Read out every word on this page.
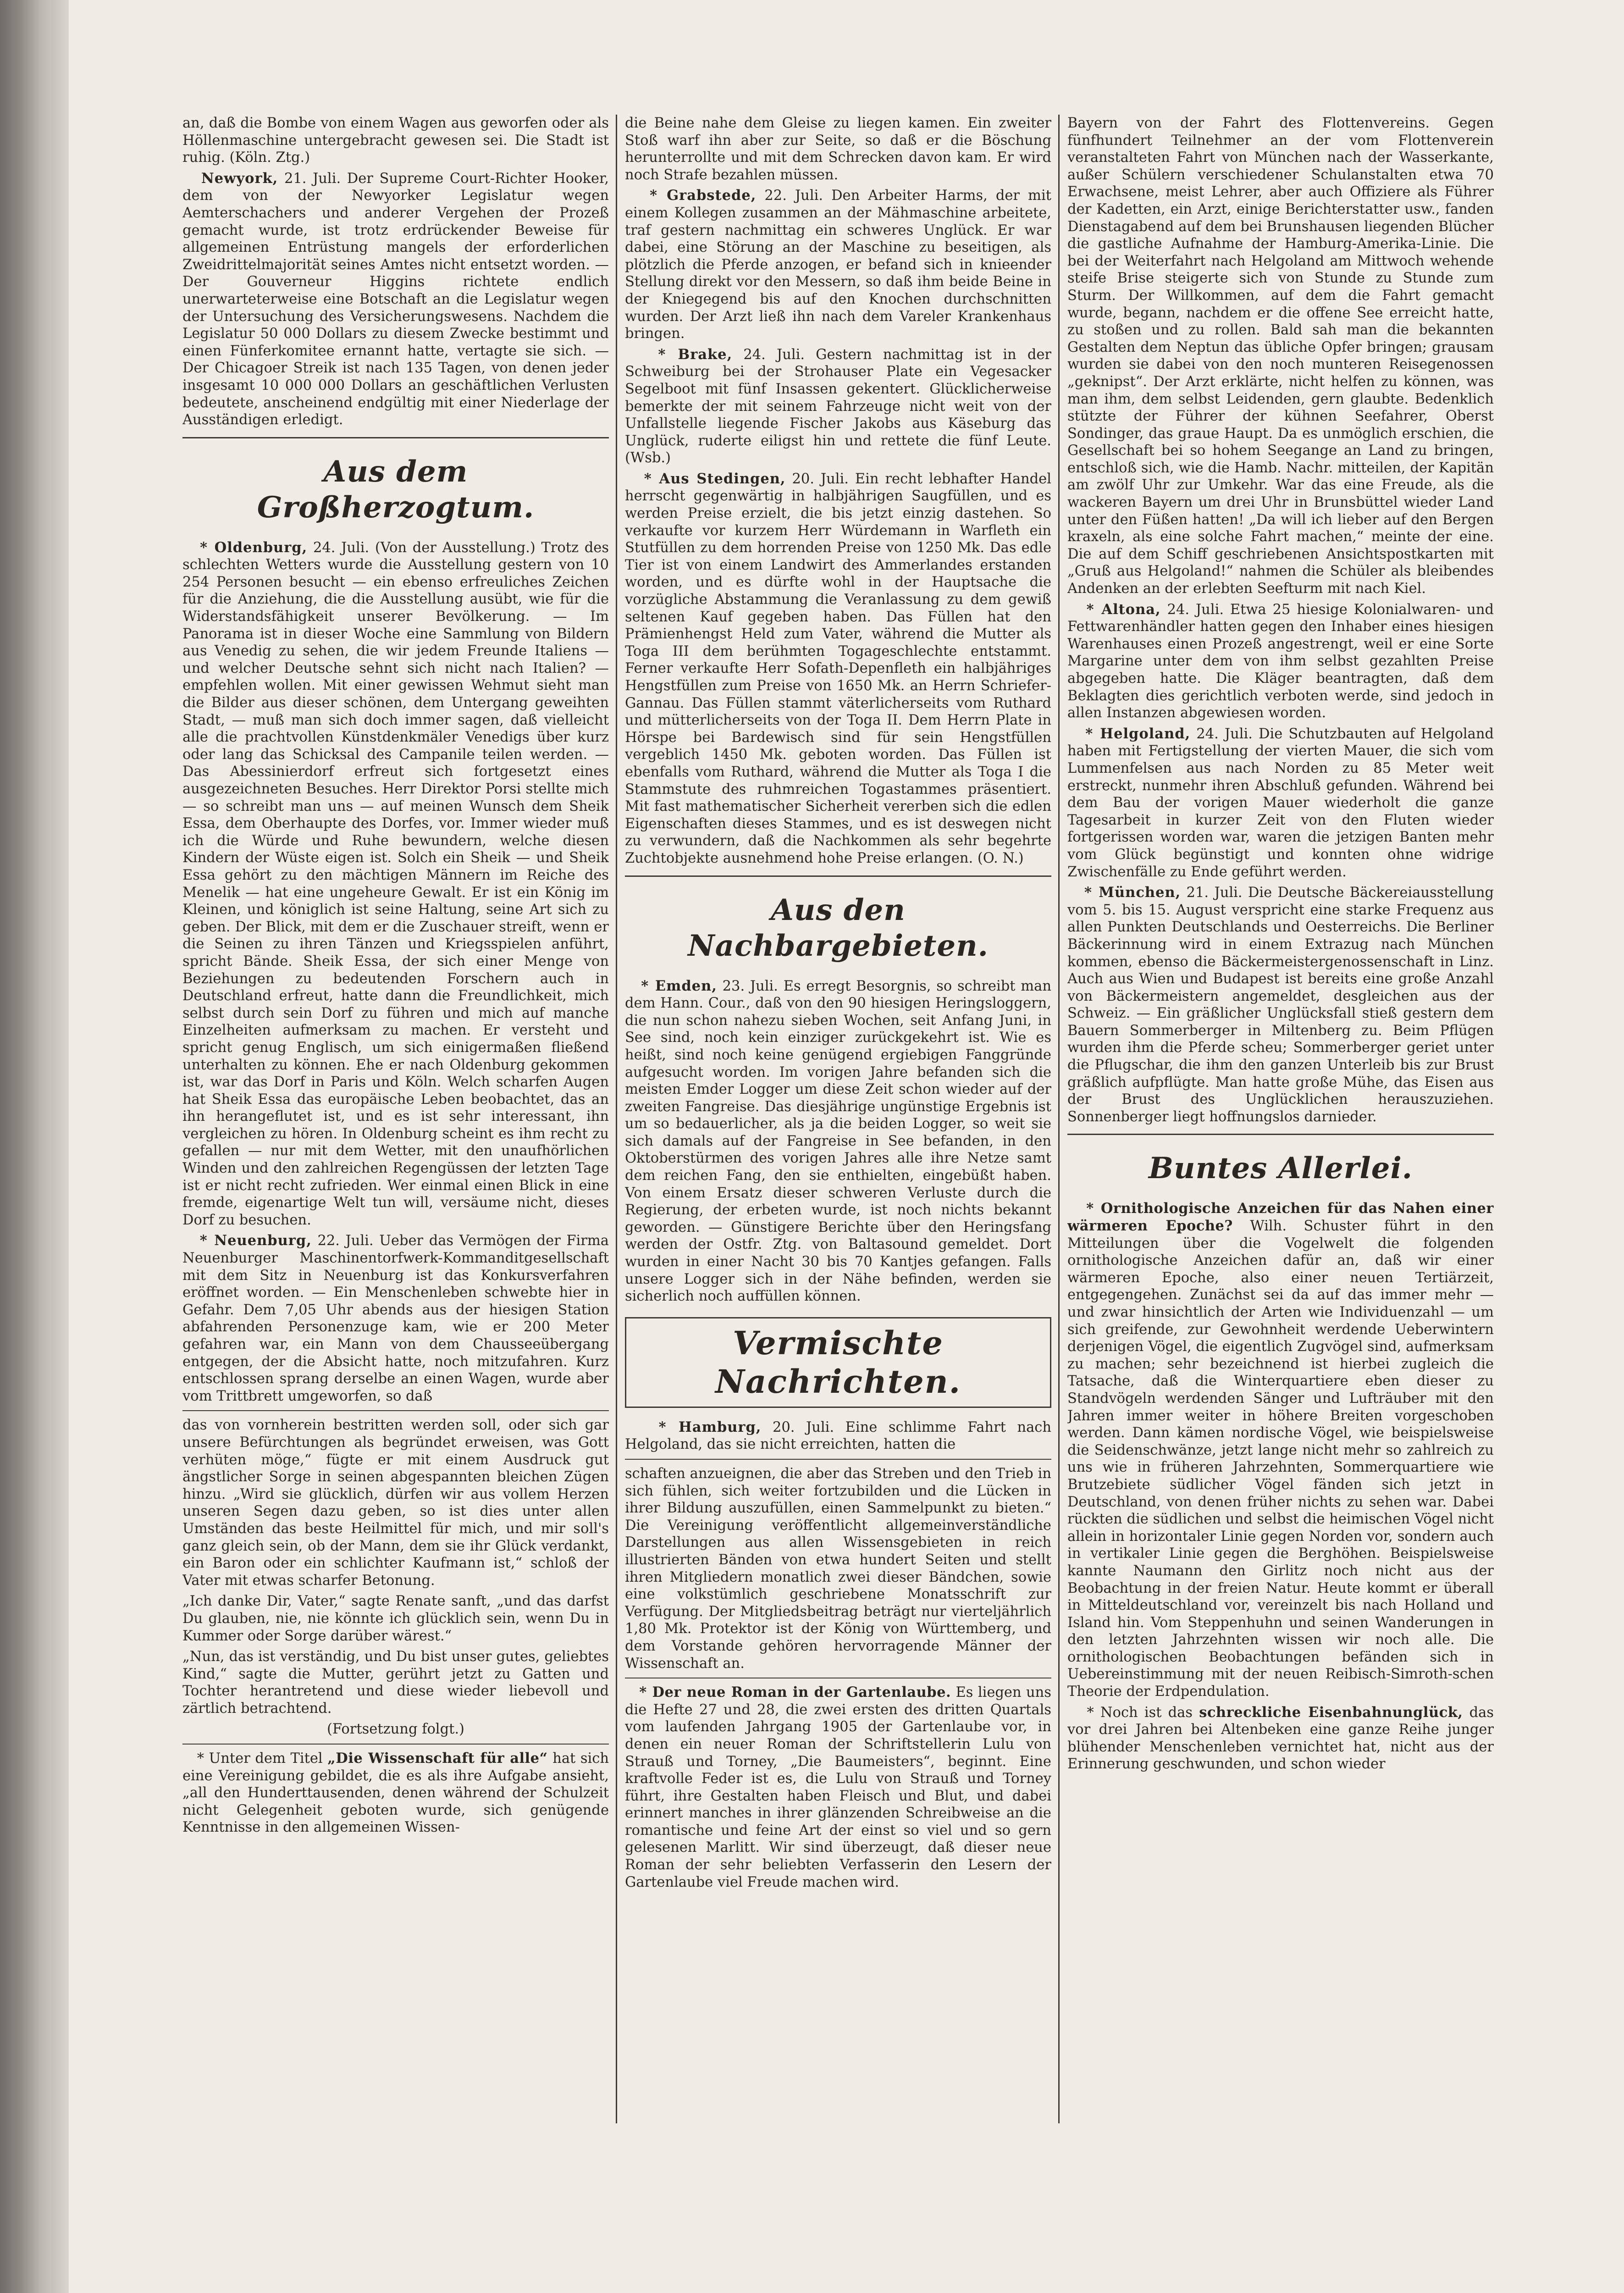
an, daß die Bombe von einem Wagen aus geworfen oder als Höllenmaschine untergebracht gewesen sei. Die Stadt ist ruhig. (Köln. Ztg.)

Newyork, 21. Juli. Der Supreme Court-Richter Hooker, dem von der Newyorker Legislatur wegen Aemterschachers und anderer Vergehen der Prozeß gemacht wurde, ist trotz erdrückender Beweise für allgemeinen Entrüstung mangels der erforderlichen Zweidrittelmajorität seines Amtes nicht entsetzt worden. — Der Gouverneur Higgins richtete endlich unerwarteterweise eine Botschaft an die Legislatur wegen der Untersuchung des Versicherungswesens. Nachdem die Legislatur 50 000 Dollars zu diesem Zwecke bestimmt und einen Fünferkomitee ernannt hatte, vertagte sie sich. — Der Chicagoer Streik ist nach 135 Tagen, von denen jeder insgesamt 10 000 000 Dollars an geschäftlichen Verlusten bedeutete, anscheinend endgültig mit einer Niederlage der Ausständigen erledigt.

Aus dem Großherzogtum.

* Oldenburg, 24. Juli. (Von der Ausstellung.) Trotz des schlechten Wetters wurde die Ausstellung gestern von 10 254 Personen besucht — ein ebenso erfreuliches Zeichen für die Anziehung, die die Ausstellung ausübt, wie für die Widerstandsfähigkeit unserer Bevölkerung. — Im Panorama ist in dieser Woche eine Sammlung von Bildern aus Venedig zu sehen, die wir jedem Freunde Italiens — und welcher Deutsche sehnt sich nicht nach Italien? — empfehlen wollen. Mit einer gewissen Wehmut sieht man die Bilder aus dieser schönen, dem Untergang geweihten Stadt, — muß man sich doch immer sagen, daß vielleicht alle die prachtvollen Künstdenkmäler Venedigs über kurz oder lang das Schicksal des Campanile teilen werden. — Das Abessinierdorf erfreut sich fortgesetzt eines ausgezeichneten Besuches. Herr Direktor Porsi stellte mich — so schreibt man uns — auf meinen Wunsch dem Sheik Essa, dem Oberhaupte des Dorfes, vor. Immer wieder muß ich die Würde und Ruhe bewundern, welche diesen Kindern der Wüste eigen ist. Solch ein Sheik — und Sheik Essa gehört zu den mächtigen Männern im Reiche des Menelik — hat eine ungeheure Gewalt. Er ist ein König im Kleinen, und königlich ist seine Haltung, seine Art sich zu geben. Der Blick, mit dem er die Zuschauer streift, wenn er die Seinen zu ihren Tänzen und Kriegsspielen anführt, spricht Bände. Sheik Essa, der sich einer Menge von Beziehungen zu bedeutenden Forschern auch in Deutschland erfreut, hatte dann die Freundlichkeit, mich selbst durch sein Dorf zu führen und mich auf manche Einzelheiten aufmerksam zu machen. Er versteht und spricht genug Englisch, um sich einigermaßen fließend unterhalten zu können. Ehe er nach Oldenburg gekommen ist, war das Dorf in Paris und Köln. Welch scharfen Augen hat Sheik Essa das europäische Leben beobachtet, das an ihn herangeflutet ist, und es ist sehr interessant, ihn vergleichen zu hören. In Oldenburg scheint es ihm recht zu gefallen — nur mit dem Wetter, mit den unaufhörlichen Winden und den zahlreichen Regengüssen der letzten Tage ist er nicht recht zufrieden. Wer einmal einen Blick in eine fremde, eigenartige Welt tun will, versäume nicht, dieses Dorf zu besuchen.

* Neuenburg, 22. Juli. Ueber das Vermögen der Firma Neuenburger Maschinentorfwerk-Kommanditgesellschaft mit dem Sitz in Neuenburg ist das Konkursverfahren eröffnet worden. — Ein Menschenleben schwebte hier in Gefahr. Dem 7,05 Uhr abends aus der hiesigen Station abfahrenden Personenzuge kam, wie er 200 Meter gefahren war, ein Mann von dem Chausseeübergang entgegen, der die Absicht hatte, noch mitzufahren. Kurz entschlossen sprang derselbe an einen Wagen, wurde aber vom Trittbrett umgeworfen, so daß

das von vornherein bestritten werden soll, oder sich gar unsere Befürchtungen als begründet erweisen, was Gott verhüten möge,“ fügte er mit einem Ausdruck gut ängstlicher Sorge in seinen abgespannten bleichen Zügen hinzu. „Wird sie glücklich, dürfen wir aus vollem Herzen unseren Segen dazu geben, so ist dies unter allen Umständen das beste Heilmittel für mich, und mir soll's ganz gleich sein, ob der Mann, dem sie ihr Glück verdankt, ein Baron oder ein schlichter Kaufmann ist,“ schloß der Vater mit etwas scharfer Betonung.

„Ich danke Dir, Vater,“ sagte Renate sanft, „und das darfst Du glauben, nie, nie könnte ich glücklich sein, wenn Du in Kummer oder Sorge darüber wärest.“

„Nun, das ist verständig, und Du bist unser gutes, geliebtes Kind,“ sagte die Mutter, gerührt jetzt zu Gatten und Tochter herantretend und diese wieder liebevoll und zärtlich betrachtend.

(Fortsetzung folgt.)

* Unter dem Titel „Die Wissenschaft für alle“ hat sich eine Vereinigung gebildet, die es als ihre Aufgabe ansieht, „all den Hunderttausenden, denen während der Schulzeit nicht Gelegenheit geboten wurde, sich genügende Kenntnisse in den allgemeinen Wissen-

die Beine nahe dem Gleise zu liegen kamen. Ein zweiter Stoß warf ihn aber zur Seite, so daß er die Böschung herunterrollte und mit dem Schrecken davon kam. Er wird noch Strafe bezahlen müssen.

* Grabstede, 22. Juli. Den Arbeiter Harms, der mit einem Kollegen zusammen an der Mähmaschine arbeitete, traf gestern nachmittag ein schweres Unglück. Er war dabei, eine Störung an der Maschine zu beseitigen, als plötzlich die Pferde anzogen, er befand sich in knieender Stellung direkt vor den Messern, so daß ihm beide Beine in der Kniegegend bis auf den Knochen durchschnitten wurden. Der Arzt ließ ihn nach dem Vareler Krankenhaus bringen.

* Brake, 24. Juli. Gestern nachmittag ist in der Schweiburg bei der Strohauser Plate ein Vegesacker Segelboot mit fünf Insassen gekentert. Glücklicherweise bemerkte der mit seinem Fahrzeuge nicht weit von der Unfallstelle liegende Fischer Jakobs aus Käseburg das Unglück, ruderte eiligst hin und rettete die fünf Leute. (Wsb.)

* Aus Stedingen, 20. Juli. Ein recht lebhafter Handel herrscht gegenwärtig in halbjährigen Saugfüllen, und es werden Preise erzielt, die bis jetzt einzig dastehen. So verkaufte vor kurzem Herr Würdemann in Warfleth ein Stutfüllen zu dem horrenden Preise von 1250 Mk. Das edle Tier ist von einem Landwirt des Ammerlandes erstanden worden, und es dürfte wohl in der Hauptsache die vorzügliche Abstammung die Veranlassung zu dem gewiß seltenen Kauf gegeben haben. Das Füllen hat den Prämienhengst Held zum Vater, während die Mutter als Toga III dem berühmten Togageschlechte entstammt. Ferner verkaufte Herr Sofath-Depenfleth ein halbjähriges Hengstfüllen zum Preise von 1650 Mk. an Herrn Schriefer-Gannau. Das Füllen stammt väterlicherseits vom Ruthard und mütterlicherseits von der Toga II. Dem Herrn Plate in Hörspe bei Bardewisch sind für sein Hengstfüllen vergeblich 1450 Mk. geboten worden. Das Füllen ist ebenfalls vom Ruthard, während die Mutter als Toga I die Stammstute des ruhmreichen Togastammes präsentiert. Mit fast mathematischer Sicherheit vererben sich die edlen Eigenschaften dieses Stammes, und es ist deswegen nicht zu verwundern, daß die Nachkommen als sehr begehrte Zuchtobjekte ausnehmend hohe Preise erlangen. (O. N.)

Aus den Nachbargebieten.

* Emden, 23. Juli. Es erregt Besorgnis, so schreibt man dem Hann. Cour., daß von den 90 hiesigen Heringsloggern, die nun schon nahezu sieben Wochen, seit Anfang Juni, in See sind, noch kein einziger zurückgekehrt ist. Wie es heißt, sind noch keine genügend ergiebigen Fanggründe aufgesucht worden. Im vorigen Jahre befanden sich die meisten Emder Logger um diese Zeit schon wieder auf der zweiten Fangreise. Das diesjährige ungünstige Ergebnis ist um so bedauerlicher, als ja die beiden Logger, so weit sie sich damals auf der Fangreise in See befanden, in den Oktoberstürmen des vorigen Jahres alle ihre Netze samt dem reichen Fang, den sie enthielten, eingebüßt haben. Von einem Ersatz dieser schweren Verluste durch die Regierung, der erbeten wurde, ist noch nichts bekannt geworden. — Günstigere Berichte über den Heringsfang werden der Ostfr. Ztg. von Baltasound gemeldet. Dort wurden in einer Nacht 30 bis 70 Kantjes gefangen. Falls unsere Logger sich in der Nähe befinden, werden sie sicherlich noch auffüllen können.

Vermischte Nachrichten.

* Hamburg, 20. Juli. Eine schlimme Fahrt nach Helgoland, das sie nicht erreichten, hatten die

schaften anzueignen, die aber das Streben und den Trieb in sich fühlen, sich weiter fortzubilden und die Lücken in ihrer Bildung auszufüllen, einen Sammelpunkt zu bieten.“ Die Vereinigung veröffentlicht allgemeinverständliche Darstellungen aus allen Wissensgebieten in reich illustrierten Bänden von etwa hundert Seiten und stellt ihren Mitgliedern monatlich zwei dieser Bändchen, sowie eine volkstümlich geschriebene Monatsschrift zur Verfügung. Der Mitgliedsbeitrag beträgt nur vierteljährlich 1,80 Mk. Protektor ist der König von Württemberg, und dem Vorstande gehören hervorragende Männer der Wissenschaft an.

* Der neue Roman in der Gartenlaube. Es liegen uns die Hefte 27 und 28, die zwei ersten des dritten Quartals vom laufenden Jahrgang 1905 der Gartenlaube vor, in denen ein neuer Roman der Schriftstellerin Lulu von Strauß und Torney, „Die Baumeisters“, beginnt. Eine kraftvolle Feder ist es, die Lulu von Strauß und Torney führt, ihre Gestalten haben Fleisch und Blut, und dabei erinnert manches in ihrer glänzenden Schreibweise an die romantische und feine Art der einst so viel und so gern gelesenen Marlitt. Wir sind überzeugt, daß dieser neue Roman der sehr beliebten Verfasserin den Lesern der Gartenlaube viel Freude machen wird.

Bayern von der Fahrt des Flottenvereins. Gegen fünfhundert Teilnehmer an der vom Flottenverein veranstalteten Fahrt von München nach der Wasserkante, außer Schülern verschiedener Schulanstalten etwa 70 Erwachsene, meist Lehrer, aber auch Offiziere als Führer der Kadetten, ein Arzt, einige Berichterstatter usw., fanden Dienstagabend auf dem bei Brunshausen liegenden Blücher die gastliche Aufnahme der Hamburg-Amerika-Linie. Die bei der Weiterfahrt nach Helgoland am Mittwoch wehende steife Brise steigerte sich von Stunde zu Stunde zum Sturm. Der Willkommen, auf dem die Fahrt gemacht wurde, begann, nachdem er die offene See erreicht hatte, zu stoßen und zu rollen. Bald sah man die bekannten Gestalten dem Neptun das übliche Opfer bringen; grausam wurden sie dabei von den noch munteren Reisegenossen „geknipst“. Der Arzt erklärte, nicht helfen zu können, was man ihm, dem selbst Leidenden, gern glaubte. Bedenklich stützte der Führer der kühnen Seefahrer, Oberst Sondinger, das graue Haupt. Da es unmöglich erschien, die Gesellschaft bei so hohem Seegange an Land zu bringen, entschloß sich, wie die Hamb. Nachr. mitteilen, der Kapitän am zwölf Uhr zur Umkehr. War das eine Freude, als die wackeren Bayern um drei Uhr in Brunsbüttel wieder Land unter den Füßen hatten! „Da will ich lieber auf den Bergen kraxeln, als eine solche Fahrt machen,“ meinte der eine. Die auf dem Schiff geschriebenen Ansichtspostkarten mit „Gruß aus Helgoland!“ nahmen die Schüler als bleibendes Andenken an der erlebten Seefturm mit nach Kiel.

* Altona, 24. Juli. Etwa 25 hiesige Kolonialwaren- und Fettwarenhändler hatten gegen den Inhaber eines hiesigen Warenhauses einen Prozeß angestrengt, weil er eine Sorte Margarine unter dem von ihm selbst gezahlten Preise abgegeben hatte. Die Kläger beantragten, daß dem Beklagten dies gerichtlich verboten werde, sind jedoch in allen Instanzen abgewiesen worden.

* Helgoland, 24. Juli. Die Schutzbauten auf Helgoland haben mit Fertigstellung der vierten Mauer, die sich vom Lummenfelsen aus nach Norden zu 85 Meter weit erstreckt, nunmehr ihren Abschluß gefunden. Während bei dem Bau der vorigen Mauer wiederholt die ganze Tagesarbeit in kurzer Zeit von den Fluten wieder fortgerissen worden war, waren die jetzigen Banten mehr vom Glück begünstigt und konnten ohne widrige Zwischenfälle zu Ende geführt werden.

* München, 21. Juli. Die Deutsche Bäckereiausstellung vom 5. bis 15. August verspricht eine starke Frequenz aus allen Punkten Deutschlands und Oesterreichs. Die Berliner Bäckerinnung wird in einem Extrazug nach München kommen, ebenso die Bäckermeistergenossenschaft in Linz. Auch aus Wien und Budapest ist bereits eine große Anzahl von Bäckermeistern angemeldet, desgleichen aus der Schweiz. — Ein gräßlicher Unglücksfall stieß gestern dem Bauern Sommerberger in Miltenberg zu. Beim Pflügen wurden ihm die Pferde scheu; Sommerberger geriet unter die Pflugschar, die ihm den ganzen Unterleib bis zur Brust gräßlich aufpflügte. Man hatte große Mühe, das Eisen aus der Brust des Unglücklichen herauszuziehen. Sonnenberger liegt hoffnungslos darnieder.

Buntes Allerlei.

* Ornithologische Anzeichen für das Nahen einer wärmeren Epoche? Wilh. Schuster führt in den Mitteilungen über die Vogelwelt die folgenden ornithologische Anzeichen dafür an, daß wir einer wärmeren Epoche, also einer neuen Tertiärzeit, entgegengehen. Zunächst sei da auf das immer mehr — und zwar hinsichtlich der Arten wie Individuenzahl — um sich greifende, zur Gewohnheit werdende Ueberwintern derjenigen Vögel, die eigentlich Zugvögel sind, aufmerksam zu machen; sehr bezeichnend ist hierbei zugleich die Tatsache, daß die Winterquartiere eben dieser zu Standvögeln werdenden Sänger und Lufträuber mit den Jahren immer weiter in höhere Breiten vorgeschoben werden. Dann kämen nordische Vögel, wie beispielsweise die Seidenschwänze, jetzt lange nicht mehr so zahlreich zu uns wie in früheren Jahrzehnten, Sommerquartiere wie Brutzebiete südlicher Vögel fänden sich jetzt in Deutschland, von denen früher nichts zu sehen war. Dabei rückten die südlichen und selbst die heimischen Vögel nicht allein in horizontaler Linie gegen Norden vor, sondern auch in vertikaler Linie gegen die Berghöhen. Beispielsweise kannte Naumann den Girlitz noch nicht aus der Beobachtung in der freien Natur. Heute kommt er überall in Mitteldeutschland vor, vereinzelt bis nach Holland und Island hin. Vom Steppenhuhn und seinen Wanderungen in den letzten Jahrzehnten wissen wir noch alle. Die ornithologischen Beobachtungen befänden sich in Uebereinstimmung mit der neuen Reibisch-Simroth-schen Theorie der Erdpendulation.

* Noch ist das schreckliche Eisenbahnunglück, das vor drei Jahren bei Altenbeken eine ganze Reihe junger blühender Menschenleben vernichtet hat, nicht aus der Erinnerung geschwunden, und schon wieder
